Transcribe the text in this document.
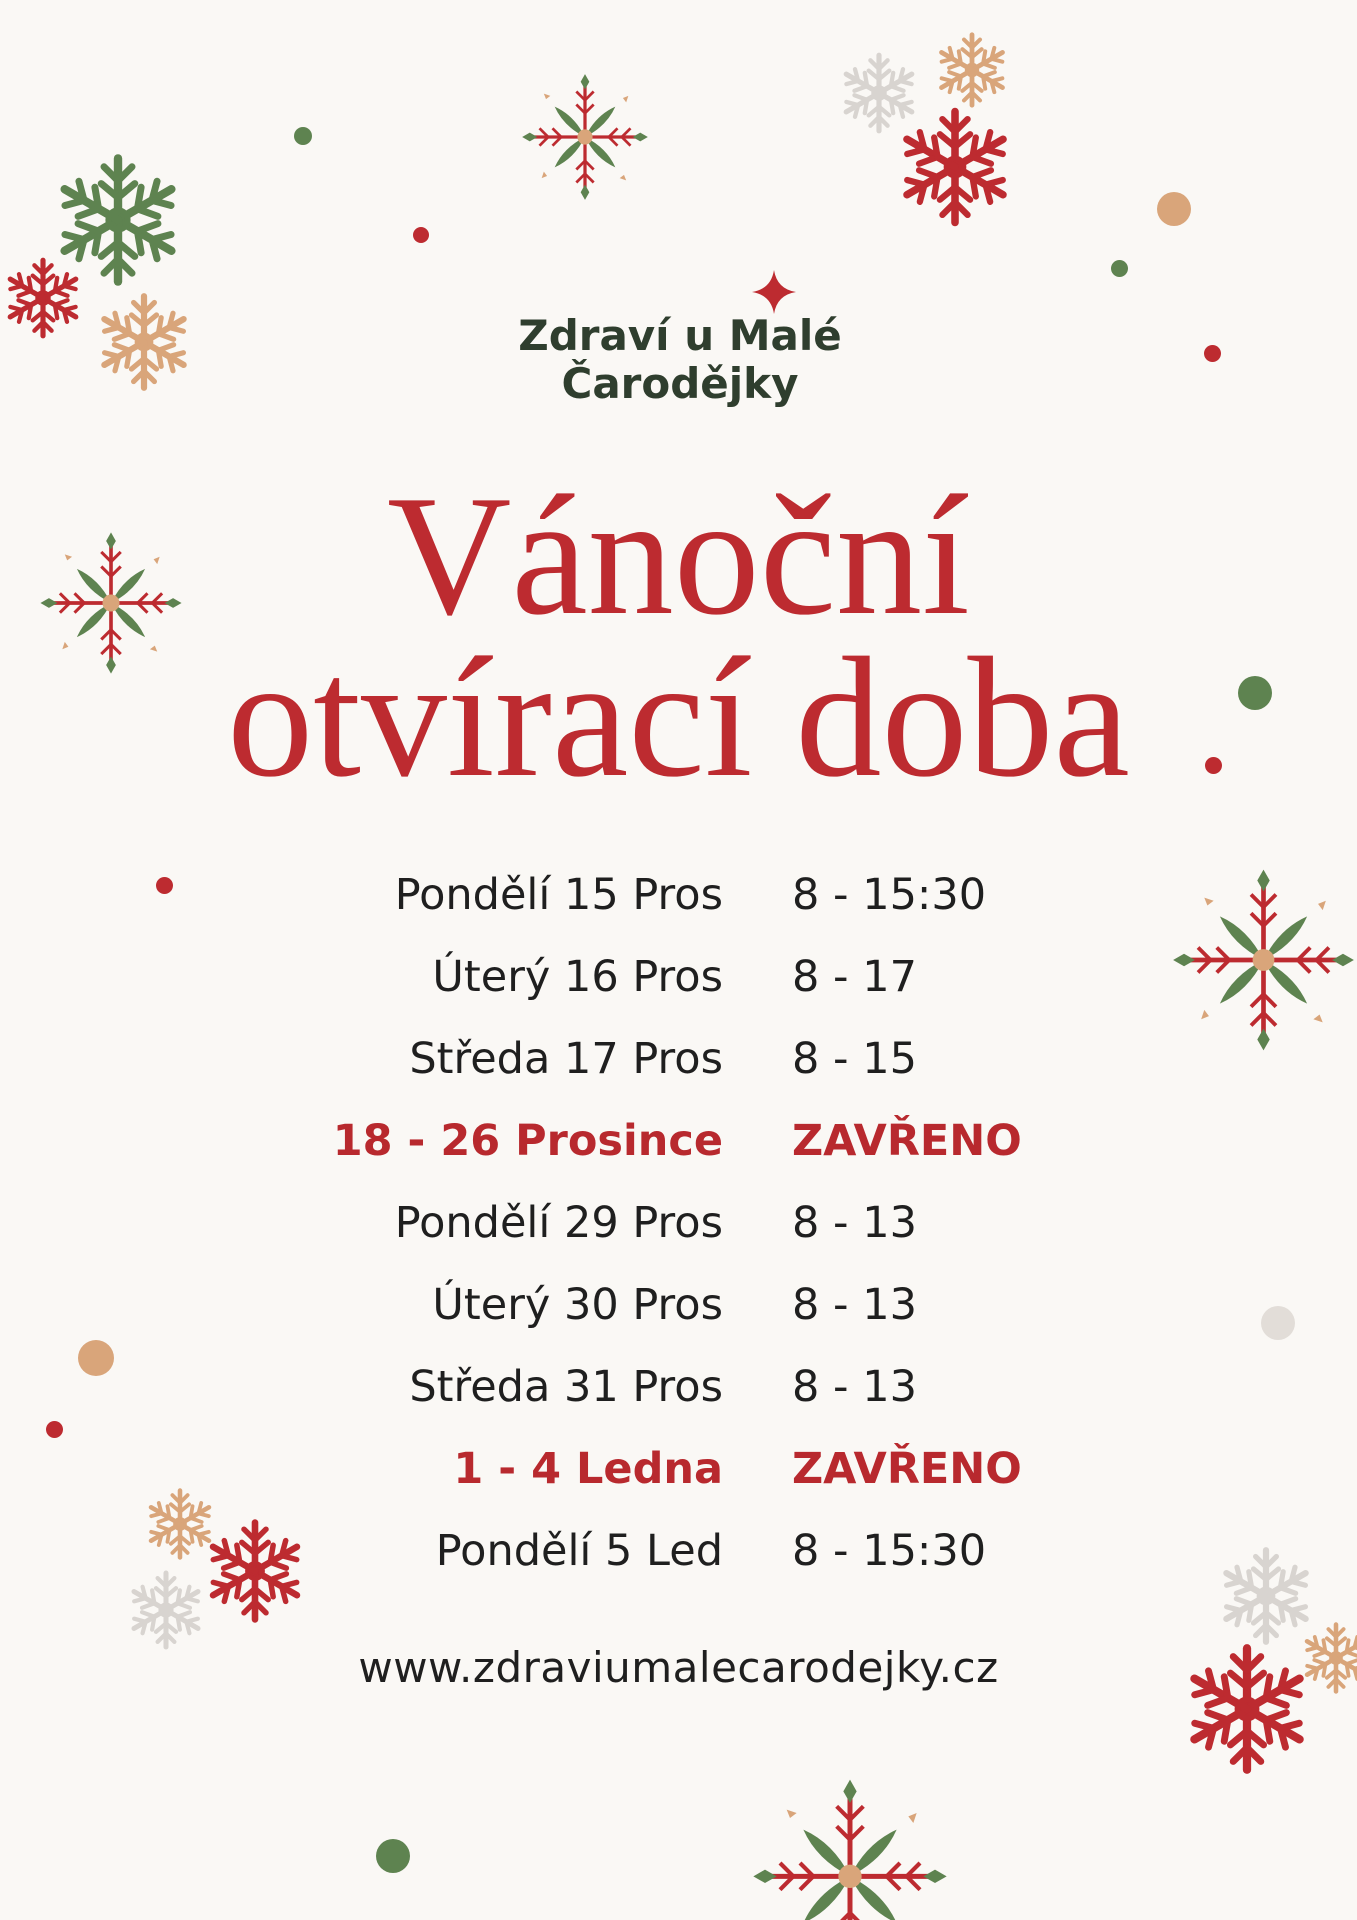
Zdraví u Malé
Čarodějky
Vánoční
otvírací doba
Pondělí 15 Pros 8 - 15:30
Úterý 16 Pros 8 - 17
Středa 17 Pros 8 - 15
18 - 26 Prosince ZAVŘENO
Pondělí 29 Pros 8 - 13
Úterý 30 Pros 8 - 13
Středa 31 Pros 8 - 13
1 - 4 Ledna ZAVŘENO
Pondělí 5 Led 8 - 15:30
www.zdraviumalecarodejky.cz
